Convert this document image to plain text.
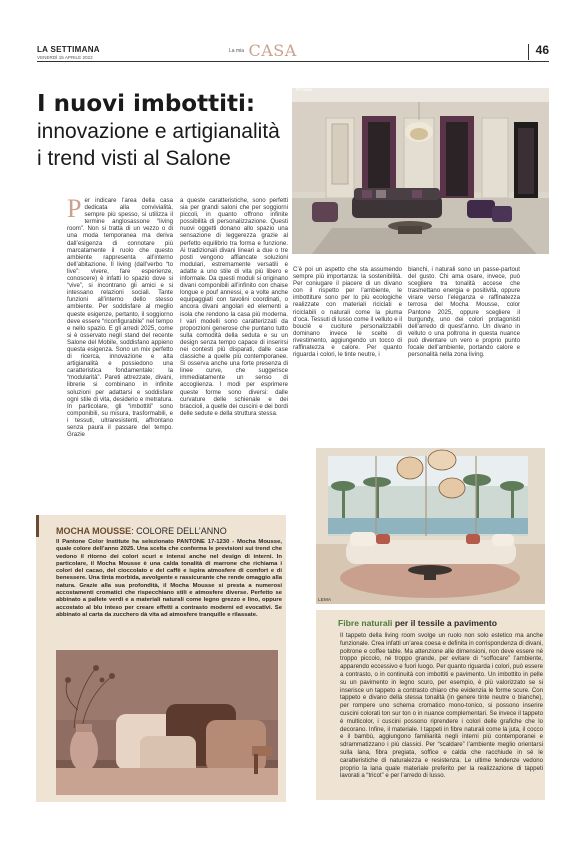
LA SETTIMANA
VENERDÌ 15 APRILE 2022
$^{La mia}$ CASA	46
I nuovi imbottiti:
innovazione e artigianalità
i trend visti al Salone
Provasi
Per indicare l’area della casa dedicata alla convivialità, sempre più spesso, si utilizza il termine anglosassone “living room”. Non si tratta di un vezzo o di una moda temporanea ma deriva dall’esigenza di connotare più marcatamente il ruolo che questo ambiente rappresenta all’interno dell’abitazione. Il living (dall’verbo “to live”: vivere, fare esperienze, conoscere) è infatti lo spazio dove si “vive”, si incontrano gli amici e si intessano relazioni sociali. Tante funzioni all’interno dello stesso ambiente. Per soddisfare al meglio queste esigenze, pertanto, il soggiorno deve essere “riconfigurabile” nel tempo e nello spazio. E gli arredi 2025, come si è osservato negli stand del recente Salone del Mobile, soddisfano appieno questa esigenza. Sono un mix perfetto di ricerca, innovazione e alta artigianalità e possiedono una caratteristica fondamentale: la “modularità”. Pareti attrezzate, divani, librerie si combinano in infinite soluzioni per adattarsi e soddisfare ogni stile di vita, desiderio e metratura. In particolare, gli “imbottiti” sono componibili, su misura, trasformabili, e i tessuti, ultraresistenti, affrontano senza paura il passare del tempo. Grazie
a queste caratteristiche, sono perfetti sia per grandi saloni che per soggiorni piccoli, in quanto offrono infinite possibilità di personalizzazione. Questi nuovi oggetti donano allo spazio una sensazione di leggerezza grazie al perfetto equilibrio tra forma e funzione. Ai tradizionali divani lineari a due o tre posti vengono affiancate soluzioni modulari, estremamente versatili e adatte a uno stile di vita più libero e informale. Da questi moduli si originano divani componibili all’infinito con chaise longue e pouf annessi, e a volte anche equipaggiati con tavolini coordinati, o ancora divani angolari ed elementi a isola che rendono la casa più moderna. I vari modelli sono caratterizzati da proporzioni generose che puntano tutto sulla comodità della seduta e su un design senza tempo capace di inserirsi nei contesti più disparati, dalle case classiche a quelle più contemporanee. Si osserva anche una forte presenza di linee curve, che suggerisce immediatamente un senso di accoglienza. I modi per esprimere queste forme sono diversi: dalle curvature delle schienale e dei braccioli, a quelle dei cuscini e dei bordi delle sedute e della struttura stessa.
C’è poi un aspetto che sta assumendo sempre più importanza: la sostenibilità. Per coniugare il piacere di un divano con il rispetto per l’ambiente, le imbottiture sono per lo più ecologiche realizzate con materiali riciclati e riciclabili o naturali come la piuma d’oca. Tessuti di lusso come il velluto e il bouclé e cuciture personalizzabili dominano invece le scelte di rivestimento, aggiungendo un tocco di raffinatezza e calore. Per quanto riguarda i colori, le tinte neutre, i
bianchi, i naturali sono un passe-partout del gusto. Chi ama osare, invece, può scegliere tra tonalità accese che trasmettano energia e positività, oppure virare verso l’eleganza e raffinatezza terrosa del Mocha Mousse, color Pantone 2025, oppure scegliere il burgundy, uno dei colori protagonisti dell’arredo di quest’anno. Un divano in velluto o una poltrona in questa nuance può diventare un vero e proprio punto focale dell’ambiente, portando calore e personalità nella zona living.
LEMA
MOCHA MOUSSE: COLORE DELL’ANNO
Il Pantone Color Institute ha selezionato PANTONE 17-1230 - Mocha Mousse, quale colore dell’anno 2025. Una scelta che conferma le previsioni sui trend che vedono il ritorno dei colori scuri e intensi anche nel design di interni. In particolare, il Mocha Mousse è una calda tonalità di marrone che richiama i colori del cacao, del cioccolato e del caffè e ispira atmosfere di comfort e di benessere. Una tinta morbida, avvolgente e rassicurante che rende omaggio alla natura. Grazie alla sua profondità, il Mocha Mousse si presta a numerosi accostamenti cromatici che rispecchiano stili e atmosfere diverse. Perfetto se abbinato a pallete verdi e a materiali naturali come legno grezzo e lino, oppure accostato al blu inteso per creare effetti a contrasto moderni ed evocativi. Se abbinato al carta da zucchero dà vita ad atmosfere tranquille e rilassate.
Fibre naturali per il tessile a pavimento
Il tappeto della living room svolge un ruolo non solo estetico ma anche funzionale. Crea infatti un’area coesa e definita in corrispondenza di divani, poltrone e coffee table. Ma attenzione alle dimensioni, non deve essere né troppo piccolo, né troppo grande, per evitare di “soffocare” l’ambiente, apparendo eccessivo e fuori luogo. Per quanto riguarda i colori, può essere a contrasto, o in continuità con imbottiti e pavimento. Un imbottito in pelle su un pavimento in legno scuro, per esempio, è più valorizzato se si inserisce un tappeto a contrasto chiaro che evidenzia le forme scure. Con tappeto e divano della stessa tonalità (in genere tinte neutre o bianche), per rompere uno schema cromatico mono-tonico, si possono inserire cuscini colorati ton sur ton o in nuance complementari. Se invece il tappeto è multicolor, i cuscini possono riprendere i colori delle grafiche che lo decorano. Infine, il materiale. I tappeti in fibre naturali come la juta, il cocco e il bambù, aggiungono familiarità negli interni più contemporanei e sdrammatizzano i più classici. Per “scaldare” l’ambiente meglio orientarsi sulla lana, fibra pregiata, soffice e calda che racchiude in sé le caratteristiche di naturalezza e resistenza. Le ultime tendenze vedono proprio la lana quale materiale preferito per la realizzazione di tappeti lavorati a “tricot” e per l’arredo di lusso.
